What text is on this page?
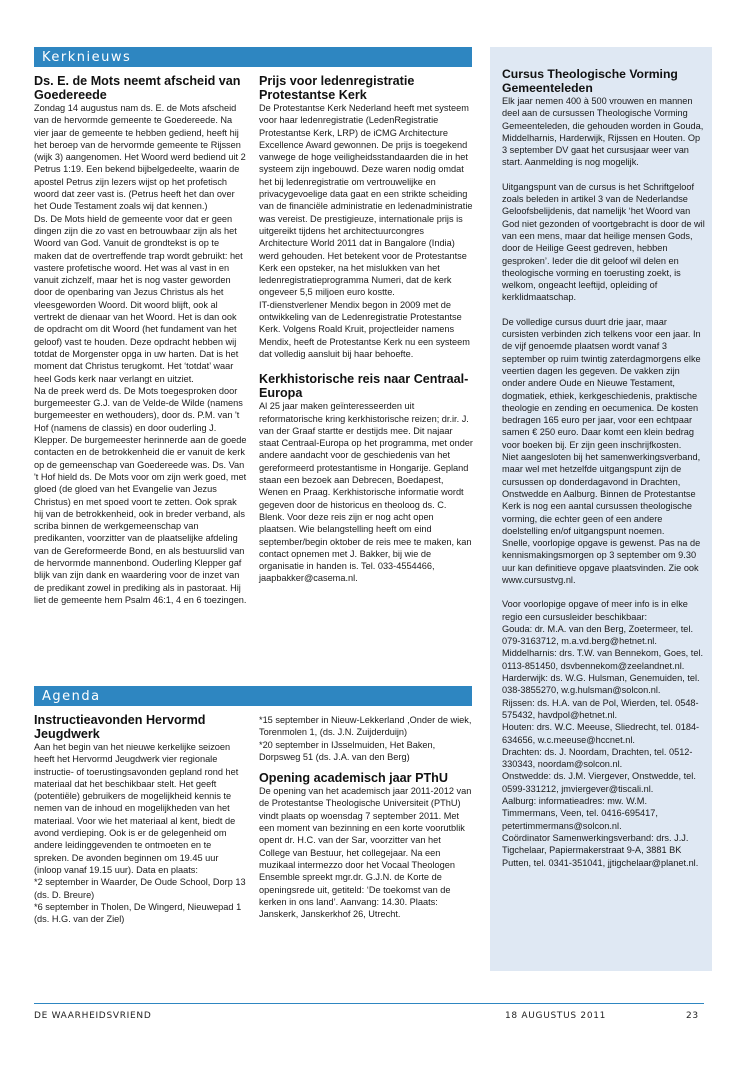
Kerknieuws
Ds. E. de Mots neemt afscheid van Goedereede

Zondag 14 augustus nam ds. E. de Mots afscheid van de hervormde gemeente te Goedereede. Na vier jaar de gemeente te hebben gediend, heeft hij het beroep van de hervormde gemeente te Rijssen (wijk 3) aangenomen. Het Woord werd bediend uit 2 Petrus 1:19. Een bekend bijbelgedeelte, waarin de apostel Petrus zijn lezers wijst op het profetisch woord dat zeer vast is. (Petrus heeft het dan over het Oude Testament zoals wij dat kennen.)

Ds. De Mots hield de gemeente voor dat er geen dingen zijn die zo vast en betrouwbaar zijn als het Woord van God. Vanuit de grondtekst is op te maken dat de overtreffende trap wordt gebruikt: het vastere profetische woord. Het was al vast in en vanuit zichzelf, maar het is nog vaster geworden door de openbaring van Jezus Christus als het vleesgeworden Woord. Dit woord blijft, ook al vertrekt de dienaar van het Woord. Het is dan ook de opdracht om dit Woord (het fundament van het geloof) vast te houden. Deze opdracht hebben wij totdat de Morgenster opga in uw harten. Dat is het moment dat Christus terugkomt. Het ‘totdat’ waar heel Gods kerk naar verlangt en uitziet.

Na de preek werd ds. De Mots toegesproken door burgemeester G.J. van de Velde-de Wilde (namens burgemeester en wethouders), door ds. P.M. van 't Hof (namens de classis) en door ouderling J. Klepper. De burgemeester herinnerde aan de goede contacten en de betrokkenheid die er vanuit de kerk op de gemeenschap van Goedereede was. Ds. Van 't Hof hield ds. De Mots voor om zijn werk goed, met gloed (de gloed van het Evangelie van Jezus Christus) en met spoed voort te zetten. Ook sprak hij van de betrokkenheid, ook in breder verband, als scriba binnen de werkgemeenschap van predikanten, voorzitter van de plaatselijke afdeling van de Gereformeerde Bond, en als bestuurslid van de hervormde mannenbond. Ouderling Klepper gaf blijk van zijn dank en waardering voor de inzet van de predikant zowel in prediking als in pastoraat. Hij liet de gemeente hem Psalm 46:1, 4 en 6 toezingen.

Prijs voor ledenregistratie Protestantse Kerk

De Protestantse Kerk Nederland heeft met systeem voor haar ledenregistratie (LedenRegistratie Protestantse Kerk, LRP) de iCMG Architecture Excellence Award gewonnen. De prijs is toegekend vanwege de hoge veiligheidsstandaarden die in het systeem zijn ingebouwd. Deze waren nodig omdat het bij ledenregistratie om vertrouwelijke en privacygevoelige data gaat en een strikte scheiding van de financiële administratie en ledenadministratie was vereist. De prestigieuze, internationale prijs is uitgereikt tijdens het architectuurcongres Architecture World 2011 dat in Bangalore (India) werd gehouden. Het betekent voor de Protestantse Kerk een opsteker, na het mislukken van het ledenregistratieprogramma Numeri, dat de kerk ongeveer 5,5 miljoen euro kostte.

IT-dienstverlener Mendix begon in 2009 met de ontwikkeling van de Ledenregistratie Protestantse Kerk. Volgens Roald Kruit, projectleider namens Mendix, heeft de Protestantse Kerk nu een systeem dat volledig aansluit bij haar behoefte.

Kerkhistorische reis naar Centraal-Europa

Al 25 jaar maken geïnteresseerden uit reformatorische kring kerkhistorische reizen; dr.ir. J. van der Graaf startte er destijds mee. Dit najaar staat Centraal-Europa op het programma, met onder andere aandacht voor de geschiedenis van het gereformeerd protestantisme in Hongarije. Gepland staan een bezoek aan Debrecen, Boedapest, Wenen en Praag. Kerkhistorische informatie wordt gegeven door de historicus en theoloog ds. C. Blenk. Voor deze reis zijn er nog acht open plaatsen. Wie belangstelling heeft om eind september/begin oktober de reis mee te maken, kan contact opnemen met J. Bakker, bij wie de organisatie in handen is. Tel. 033-4554466, jaapbakker@casema.nl.

Agenda
Instructieavonden Hervormd Jeugdwerk

Aan het begin van het nieuwe kerkelijke seizoen heeft het Hervormd Jeugdwerk vier regionale instructie- of toerustingsavonden gepland rond het materiaal dat het beschikbaar stelt. Het geeft (potentiële) gebruikers de mogelijkheid kennis te nemen van de inhoud en mogelijkheden van het materiaal. Voor wie het materiaal al kent, biedt de avond verdieping. Ook is er de gelegenheid om andere leidinggevenden te ontmoeten en te spreken. De avonden beginnen om 19.45 uur (inloop vanaf 19.15 uur). Data en plaats:

*2 september in Waarder, De Oude School, Dorp 13 (ds. D. Breure)

*6 september in Tholen, De Wingerd, Nieuwepad 1 (ds. H.G. van der Ziel)

*15 september in Nieuw-Lekkerland ,Onder de wiek, Torenmolen 1, (ds. J.N. Zuijderduijn)

*20 september in IJsselmuiden, Het Baken, Dorpsweg 51 (ds. J.A. van den Berg)

Opening academisch jaar PThU

De opening van het academisch jaar 2011-2012 van de Protestantse Theologische Universiteit (PThU) vindt plaats op woensdag 7 september 2011. Met een moment van bezinning en een korte voorutblik opent dr. H.C. van der Sar, voorzitter van het College van Bestuur, het collegejaar. Na een muzikaal intermezzo door het Vocaal Theologen Ensemble spreekt mgr.dr. G.J.N. de Korte de openingsrede uit, getiteld: ‘De toekomst van de kerken in ons land’. Aanvang: 14.30. Plaats: Janskerk, Janskerkhof 26, Utrecht.

Cursus Theologische Vorming Gemeenteleden

Elk jaar nemen 400 à 500 vrouwen en mannen deel aan de cursussen Theologische Vorming Gemeenteleden, die gehouden worden in Gouda, Middelharnis, Harderwijk, Rijssen en Houten. Op 3 september DV gaat het cursusjaar weer van start. Aanmelding is nog mogelijk.

Uitgangspunt van de cursus is het Schriftgeloof zoals beleden in artikel 3 van de Nederlandse Geloofsbelijdenis, dat namelijk ‘het Woord van God niet gezonden of voortgebracht is door de wil van een mens, maar dat heilige mensen Gods, door de Heilige Geest gedreven, hebben gesproken’. Ieder die dit geloof wil delen en theologische vorming en toerusting zoekt, is welkom, ongeacht leeftijd, opleiding of kerklidmaatschap.

De volledige cursus duurt drie jaar, maar cursisten verbinden zich telkens voor een jaar. In de vijf genoemde plaatsen wordt vanaf 3 september op ruim twintig zaterdagmorgens elke veertien dagen les gegeven. De vakken zijn onder andere Oude en Nieuwe Testament, dogmatiek, ethiek, kerkgeschiedenis, praktische theologie en zending en oecumenica. De kosten bedragen 165 euro per jaar, voor een echtpaar samen € 250 euro. Daar komt een klein bedrag voor boeken bij. Er zijn geen inschrijfkosten.

Niet aangesloten bij het samenwerkingsverband, maar wel met hetzelfde uitgangspunt zijn de cursussen op donderdagavond in Drachten, Onstwedde en Aalburg. Binnen de Protestantse Kerk is nog een aantal cursussen theologische vorming, die echter geen of een andere doelstelling en/of uitgangspunt noemen.

Snelle, voorlopige opgave is gewenst. Pas na de kennismakingsmorgen op 3 september om 9.30 uur kan definitieve opgave plaatsvinden. Zie ook www.cursustvg.nl.

Voor voorlopige opgave of meer info is in elke regio een cursusleider beschikbaar:

Gouda: dr. M.A. van den Berg, Zoetermeer, tel. 079-3163712, m.a.vd.berg@hetnet.nl.

Middelharnis: drs. T.W. van Bennekom, Goes, tel. 0113-851450, dsvbennekom@zeelandnet.nl.

Harderwijk: ds. W.G. Hulsman, Genemuiden, tel. 038-3855270, w.g.hulsman@solcon.nl.

Rijssen: ds. H.A. van de Pol, Wierden, tel. 0548-575432, havdpol@hetnet.nl.

Houten: drs. W.C. Meeuse, Sliedrecht, tel. 0184-634656, w.c.meeuse@hccnet.nl.

Drachten: ds. J. Noordam, Drachten, tel. 0512-330343, noordam@solcon.nl.

Onstwedde: ds. J.M. Viergever, Onstwedde, tel. 0599-331212, jmviergever@tiscali.nl.

Aalburg: informatieadres: mw. W.M. Timmermans, Veen, tel. 0416-695417, petertimmermans@solcon.nl.

Coördinator Samenwerkingsverband: drs. J.J. Tigchelaar, Papiermakerstraat 9-A, 3881 BK Putten, tel. 0341-351041, jjtigchelaar@planet.nl.

DE WAARHEIDSVRIEND	18 AUGUSTUS 2011	23
